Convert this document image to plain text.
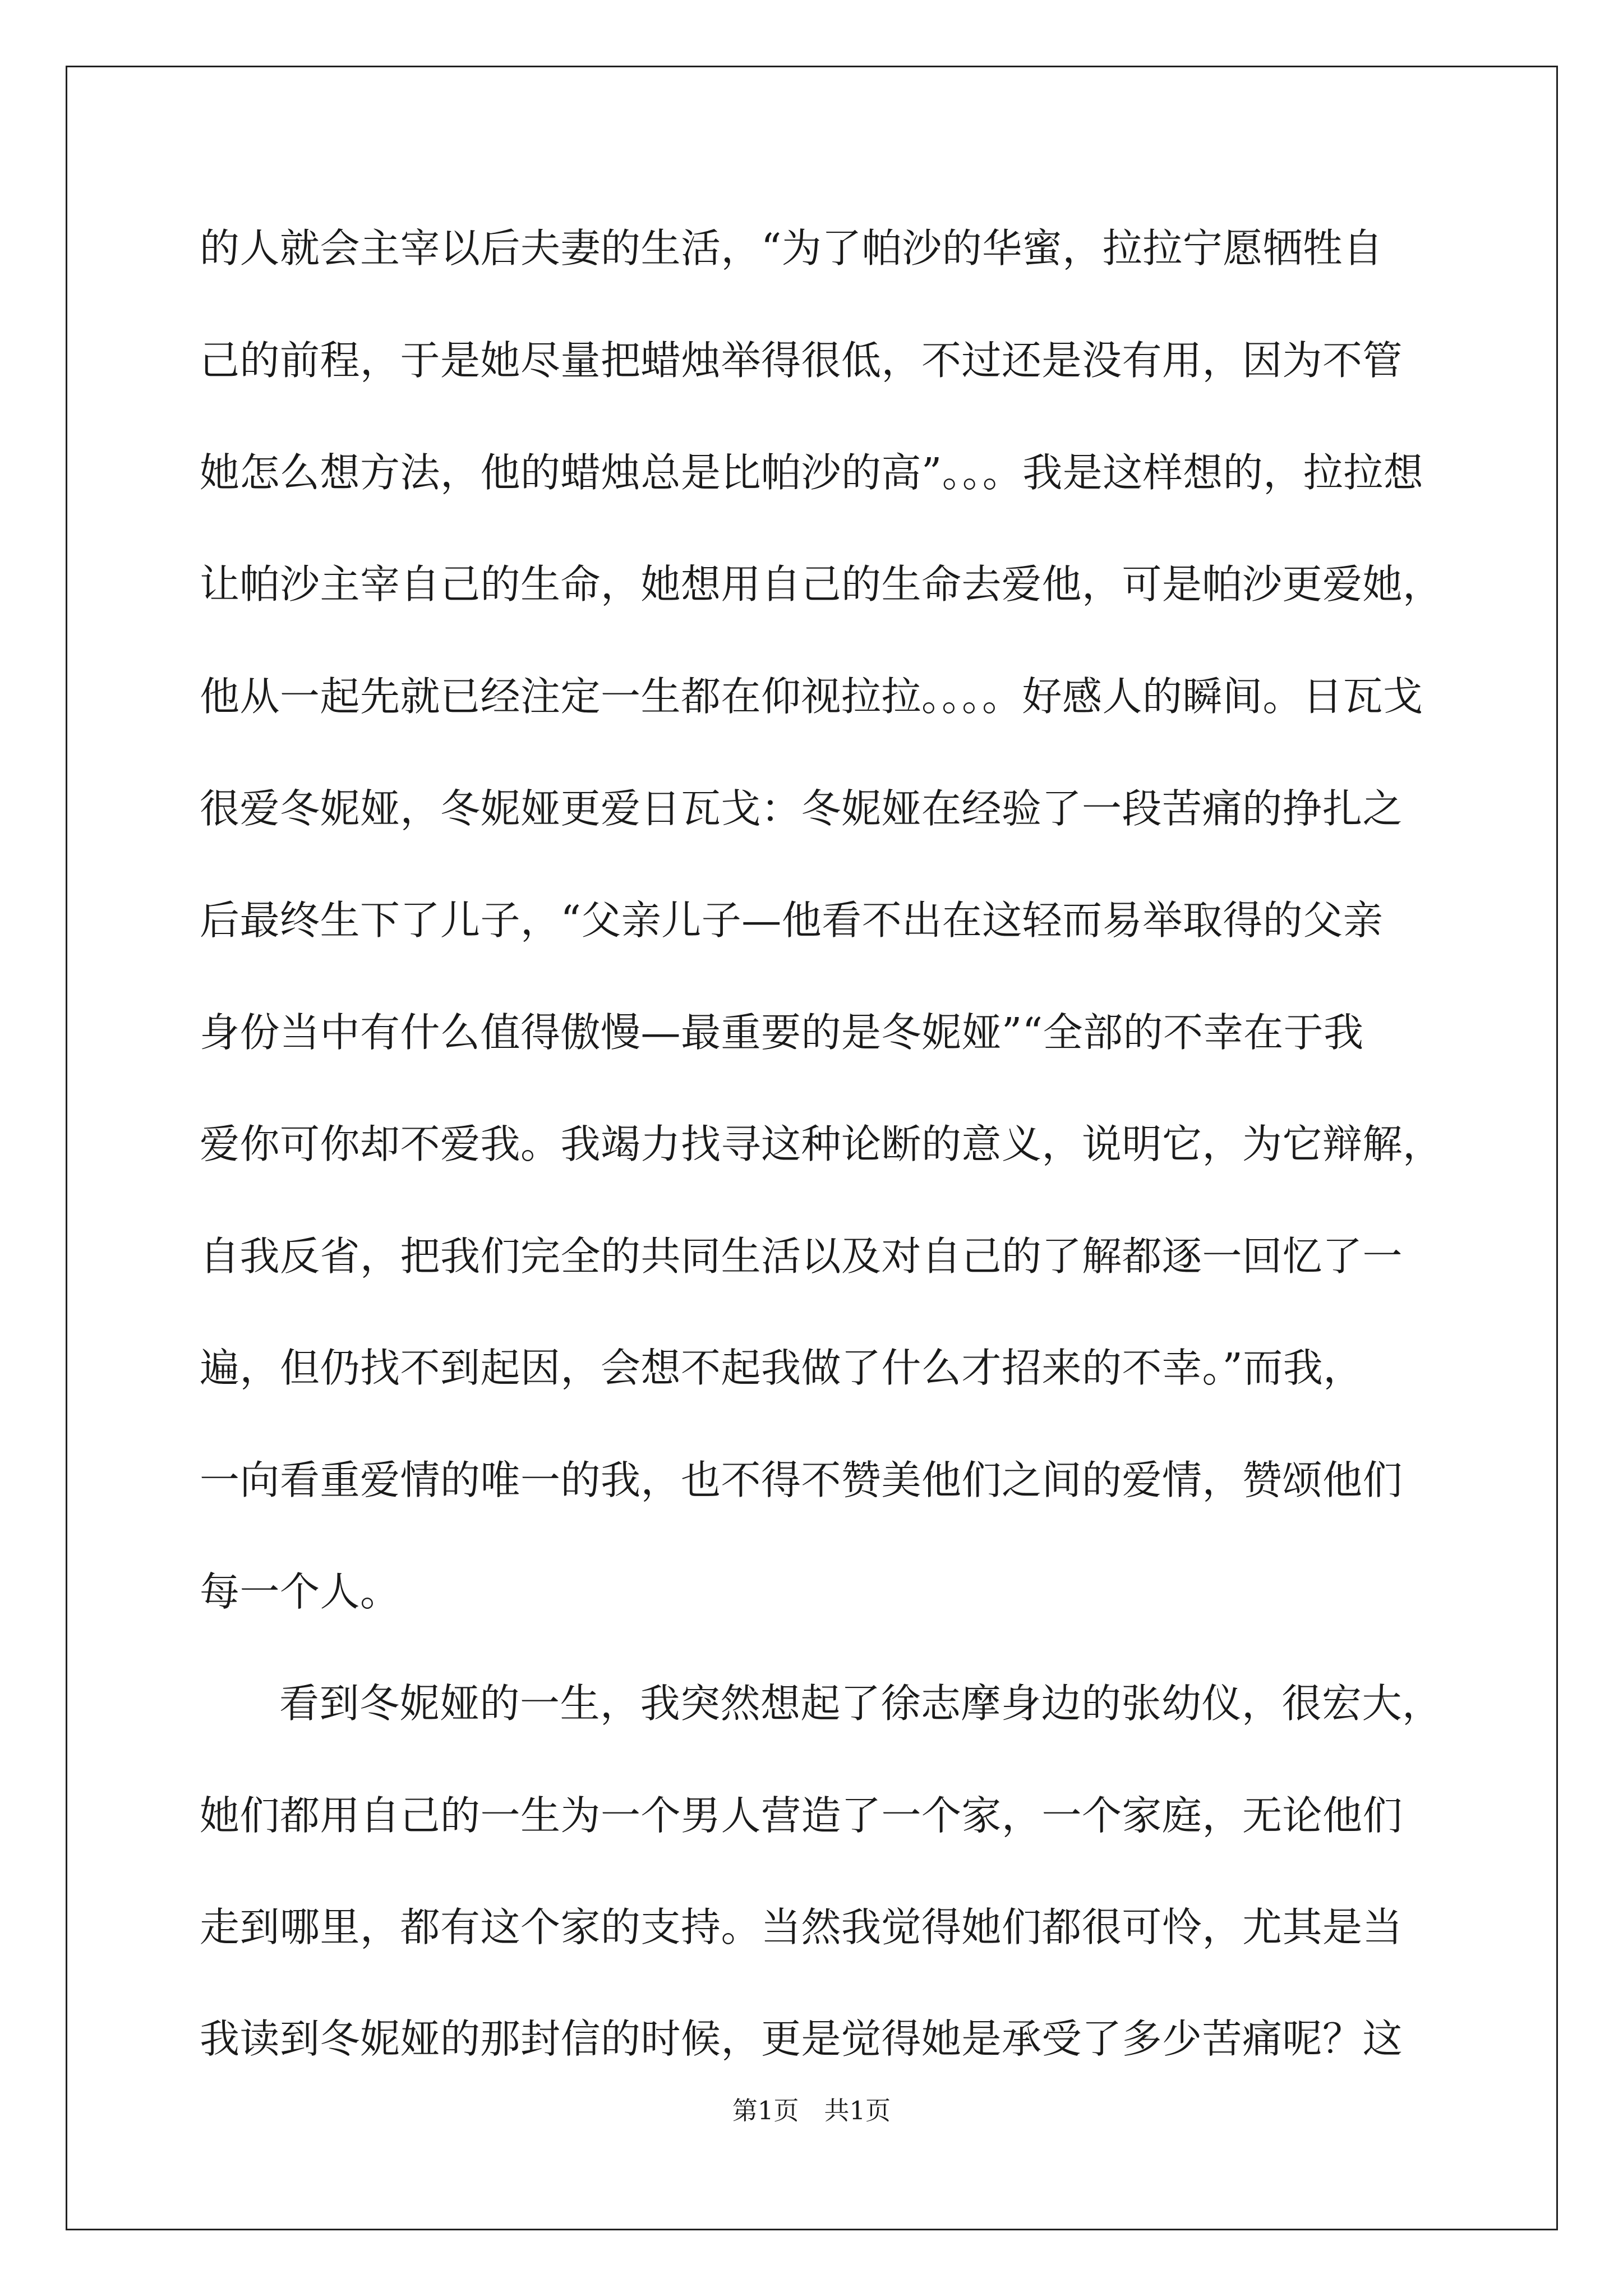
的人就会主宰以后夫妻的生活，“为了帕沙的华蜜，拉拉宁愿牺牲自
己的前程，于是她尽量把蜡烛举得很低，不过还是没有用，因为不管
她怎么想方法，他的蜡烛总是比帕沙的高”。。。我是这样想的，拉拉想
让帕沙主宰自己的生命，她想用自己的生命去爱他，可是帕沙更爱她，
他从一起先就已经注定一生都在仰视拉拉。。。。好感人的瞬间。日瓦戈
很爱冬妮娅，冬妮娅更爱日瓦戈：冬妮娅在经验了一段苦痛的挣扎之
后最终生下了儿子，“父亲儿子—他看不出在这轻而易举取得的父亲
身份当中有什么值得傲慢—最重要的是冬妮娅”“全部的不幸在于我
爱你可你却不爱我。我竭力找寻这种论断的意义，说明它，为它辩解，
自我反省，把我们完全的共同生活以及对自己的了解都逐一回忆了一
遍，但仍找不到起因，会想不起我做了什么才招来的不幸。”而我，
一向看重爱情的唯一的我，也不得不赞美他们之间的爱情，赞颂他们
每一个人。
看到冬妮娅的一生，我突然想起了徐志摩身边的张幼仪，很宏大，
她们都用自己的一生为一个男人营造了一个家，一个家庭，无论他们
走到哪里，都有这个家的支持。当然我觉得她们都很可怜，尤其是当
我读到冬妮娅的那封信的时候，更是觉得她是承受了多少苦痛呢？这
第1页　共1页
